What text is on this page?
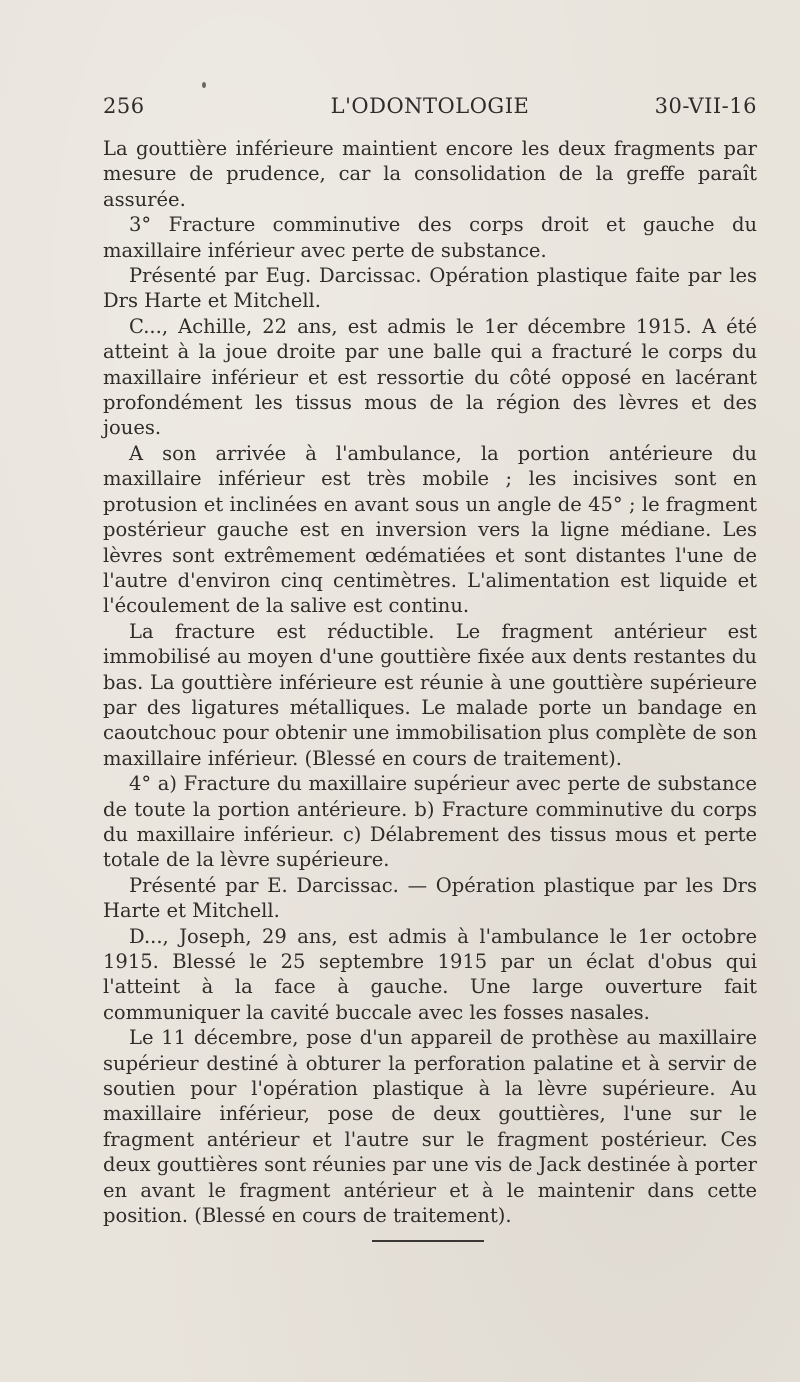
256	L'ODONTOLOGIE	30-VII-16

La gouttière inférieure maintient encore les deux fragments par mesure de prudence, car la consolidation de la greffe paraît assurée.

3° Fracture comminutive des corps droit et gauche du maxillaire inférieur avec perte de substance.

Présenté par Eug. Darcissac. Opération plastique faite par les Drs Harte et Mitchell.

C..., Achille, 22 ans, est admis le 1er décembre 1915. A été atteint à la joue droite par une balle qui a fracturé le corps du maxillaire inférieur et est ressortie du côté opposé en lacérant profondément les tissus mous de la région des lèvres et des joues.

A son arrivée à l'ambulance, la portion antérieure du maxillaire inférieur est très mobile ; les incisives sont en protusion et inclinées en avant sous un angle de 45° ; le fragment postérieur gauche est en inversion vers la ligne médiane. Les lèvres sont extrêmement œdématiées et sont distantes l'une de l'autre d'environ cinq centimètres. L'alimentation est liquide et l'écoulement de la salive est continu.

La fracture est réductible. Le fragment antérieur est immobilisé au moyen d'une gouttière fixée aux dents restantes du bas. La gouttière inférieure est réunie à une gouttière supérieure par des ligatures métalliques. Le malade porte un bandage en caoutchouc pour obtenir une immobilisation plus complète de son maxillaire inférieur. (Blessé en cours de traitement).

4° a) Fracture du maxillaire supérieur avec perte de substance de toute la portion antérieure. b) Fracture comminutive du corps du maxillaire inférieur. c) Délabrement des tissus mous et perte totale de la lèvre supérieure.

Présenté par E. Darcissac. — Opération plastique par les Drs Harte et Mitchell.

D..., Joseph, 29 ans, est admis à l'ambulance le 1er octobre 1915. Blessé le 25 septembre 1915 par un éclat d'obus qui l'atteint à la face à gauche. Une large ouverture fait communiquer la cavité buccale avec les fosses nasales.

Le 11 décembre, pose d'un appareil de prothèse au maxillaire supérieur destiné à obturer la perforation palatine et à servir de soutien pour l'opération plastique à la lèvre supérieure. Au maxillaire inférieur, pose de deux gouttières, l'une sur le fragment antérieur et l'autre sur le fragment postérieur. Ces deux gouttières sont réunies par une vis de Jack destinée à porter en avant le fragment antérieur et à le maintenir dans cette position. (Blessé en cours de traitement).
